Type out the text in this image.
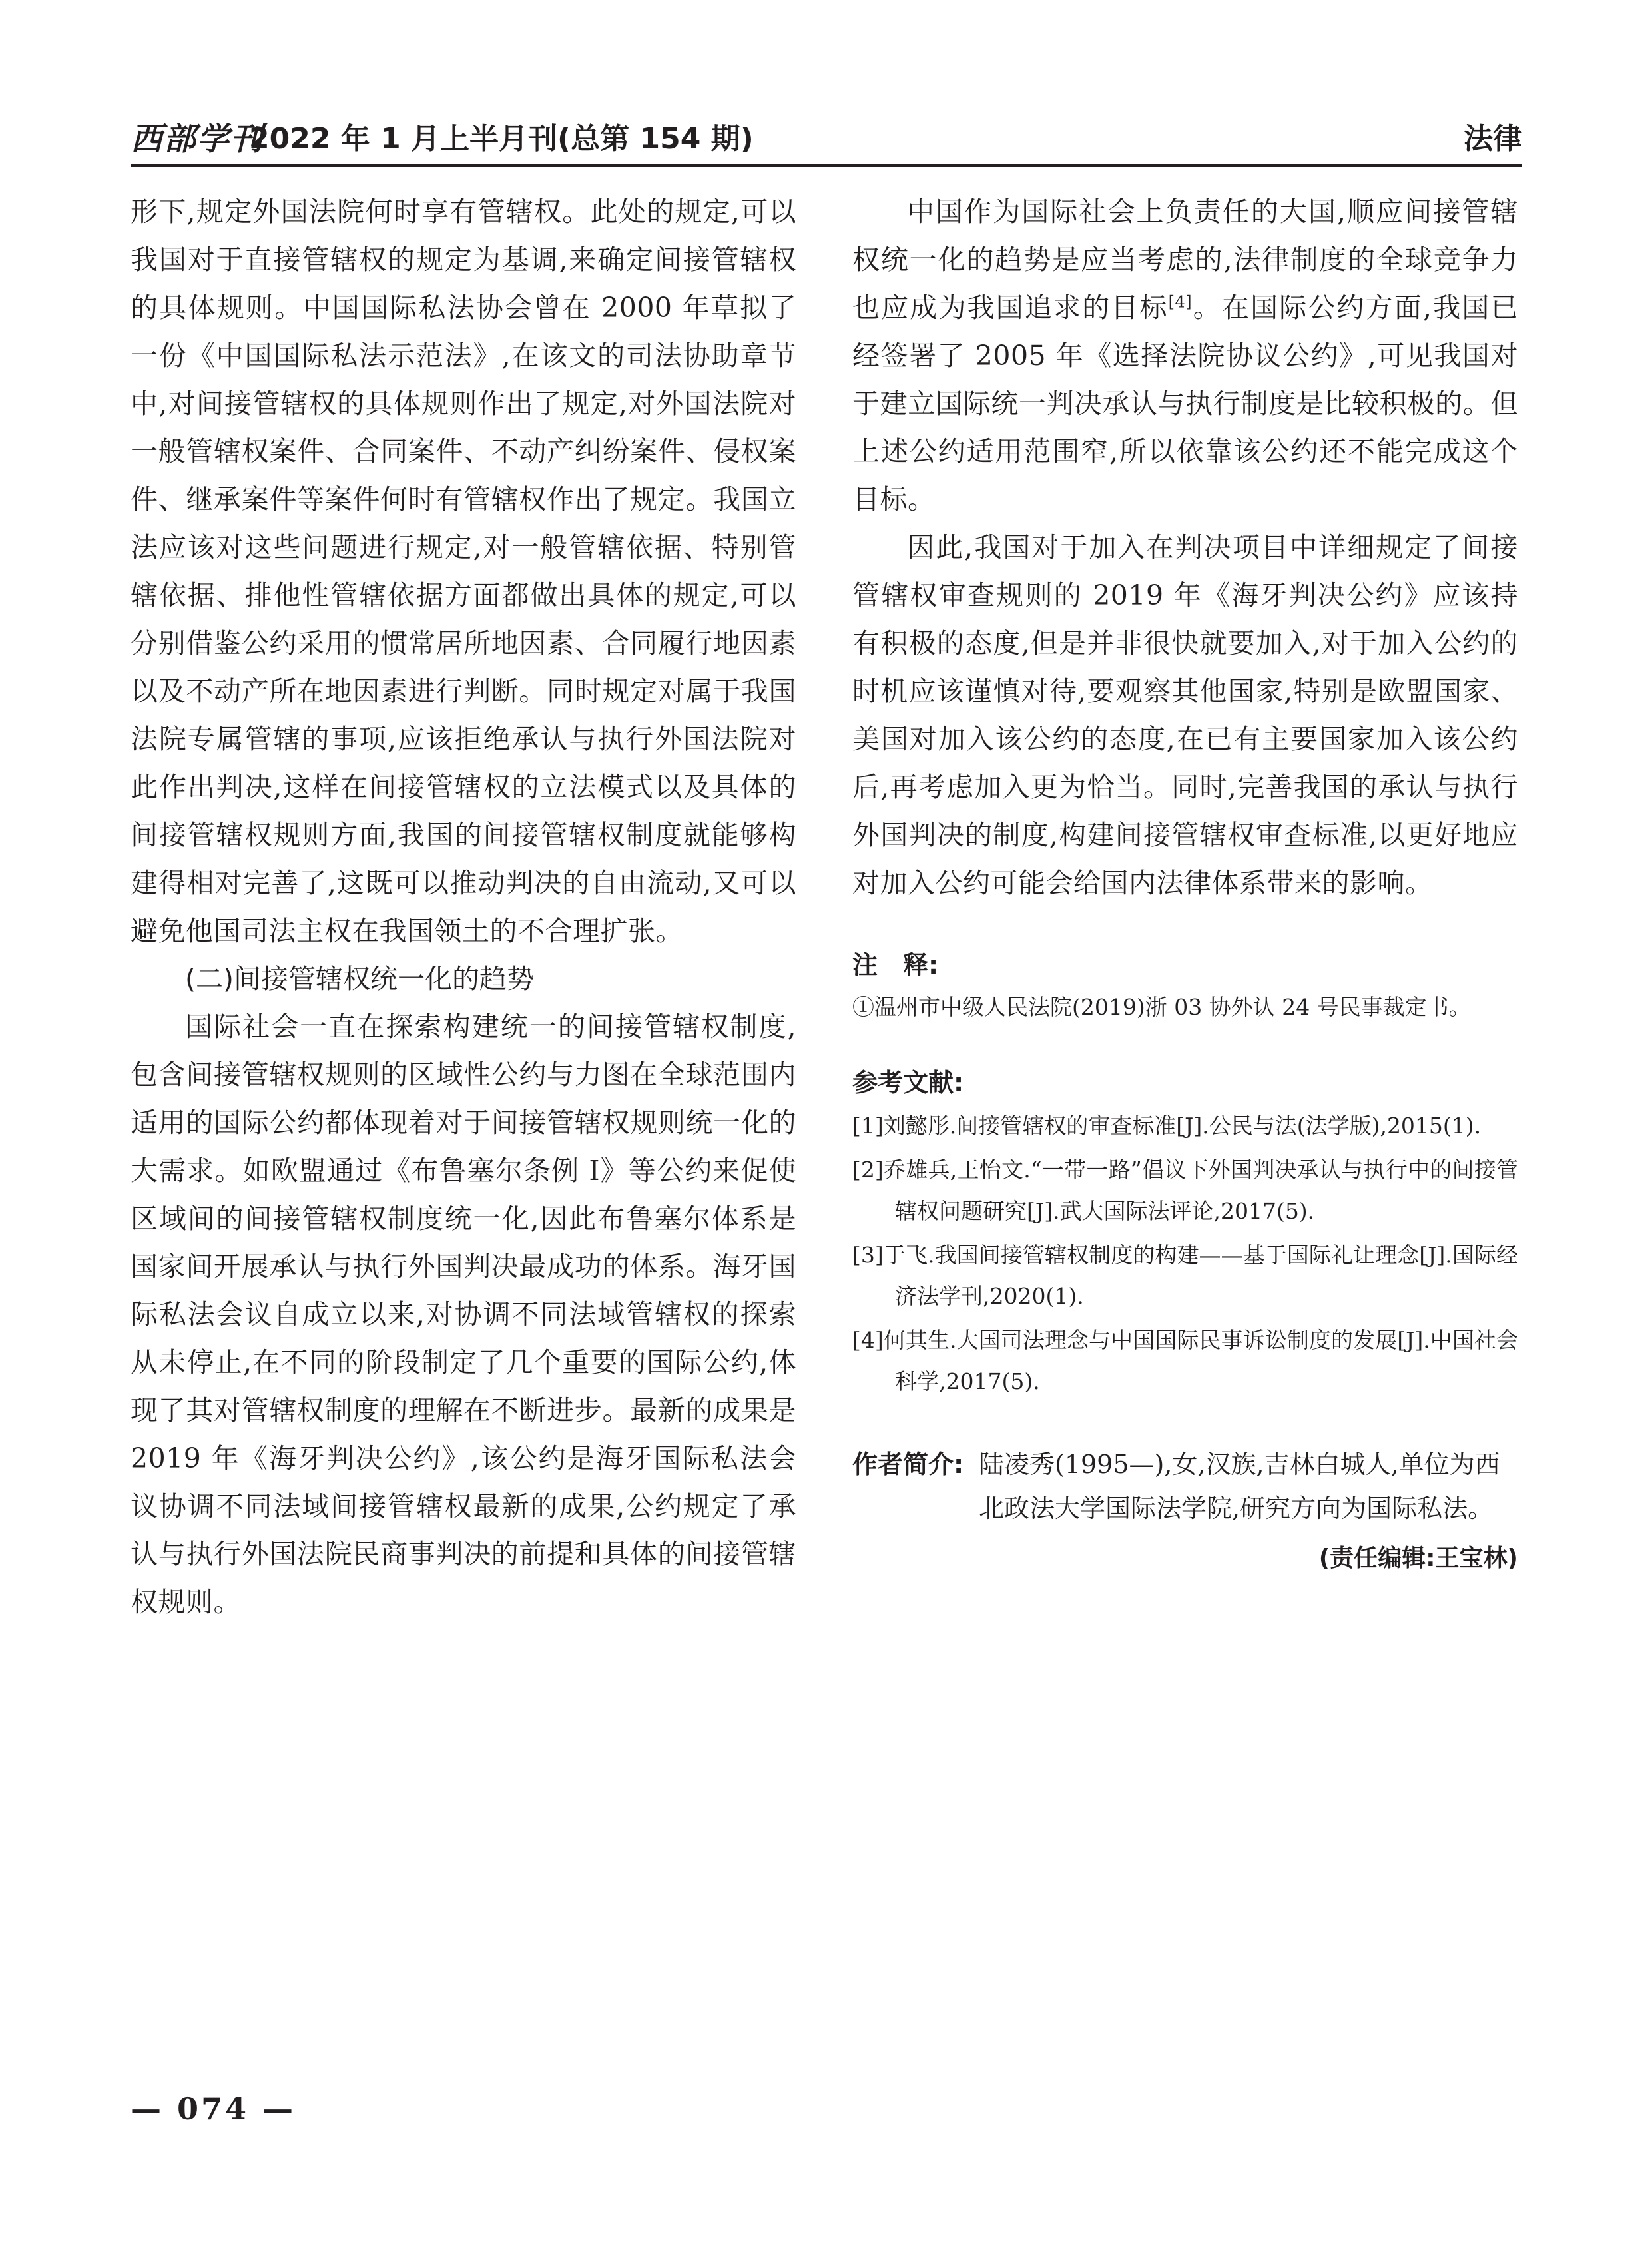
西部学刊
2022 年 1 月上半月刊(总第 154 期)	法律

形下,规定外国法院何时享有管辖权。此处的规定,可以我国对于直接管辖权的规定为基调,来确定间接管辖权的具体规则。中国国际私法协会曾在 2000 年草拟了一份《中国国际私法示范法》,在该文的司法协助章节中,对间接管辖权的具体规则作出了规定,对外国法院对一般管辖权案件、合同案件、不动产纠纷案件、侵权案件、继承案件等案件何时有管辖权作出了规定。我国立法应该对这些问题进行规定,对一般管辖依据、特别管辖依据、排他性管辖依据方面都做出具体的规定,可以分别借鉴公约采用的惯常居所地因素、合同履行地因素以及不动产所在地因素进行判断。同时规定对属于我国法院专属管辖的事项,应该拒绝承认与执行外国法院对此作出判决,这样在间接管辖权的立法模式以及具体的间接管辖权规则方面,我国的间接管辖权制度就能够构建得相对完善了,这既可以推动判决的自由流动,又可以避免他国司法主权在我国领土的不合理扩张。

(二)间接管辖权统一化的趋势

国际社会一直在探索构建统一的间接管辖权制度,包含间接管辖权规则的区域性公约与力图在全球范围内适用的国际公约都体现着对于间接管辖权规则统一化的大需求。如欧盟通过《布鲁塞尔条例 I》等公约来促使区域间的间接管辖权制度统一化,因此布鲁塞尔体系是国家间开展承认与执行外国判决最成功的体系。海牙国际私法会议自成立以来,对协调不同法域管辖权的探索从未停止,在不同的阶段制定了几个重要的国际公约,体现了其对管辖权制度的理解在不断进步。最新的成果是 2019 年《海牙判决公约》,该公约是海牙国际私法会议协调不同法域间接管辖权最新的成果,公约规定了承认与执行外国法院民商事判决的前提和具体的间接管辖权规则。

中国作为国际社会上负责任的大国,顺应间接管辖权统一化的趋势是应当考虑的,法律制度的全球竞争力也应成为我国追求的目标[4]。在国际公约方面,我国已经签署了 2005 年《选择法院协议公约》,可见我国对于建立国际统一判决承认与执行制度是比较积极的。但上述公约适用范围窄,所以依靠该公约还不能完成这个目标。

因此,我国对于加入在判决项目中详细规定了间接管辖权审查规则的 2019 年《海牙判决公约》应该持有积极的态度,但是并非很快就要加入,对于加入公约的时机应该谨慎对待,要观察其他国家,特别是欧盟国家、美国对加入该公约的态度,在已有主要国家加入该公约后,再考虑加入更为恰当。同时,完善我国的承认与执行外国判决的制度,构建间接管辖权审查标准,以更好地应对加入公约可能会给国内法律体系带来的影响。

注　释:

①温州市中级人民法院(2019)浙 03 协外认 24 号民事裁定书。

参考文献:

[1]刘懿彤.间接管辖权的审查标准[J].公民与法(法学版),2015(1).

[2]乔雄兵,王怡文.“一带一路”倡议下外国判决承认与执行中的间接管辖权问题研究[J].武大国际法评论,2017(5).

[3]于飞.我国间接管辖权制度的构建——基于国际礼让理念[J].国际经济法学刊,2020(1).

[4]何其生.大国司法理念与中国国际民事诉讼制度的发展[J].中国社会科学,2017(5).

作者简介: 陆凌秀(1995—),女,汉族,吉林白城人,单位为西北政法大学国际法学院,研究方向为国际私法。
(责任编辑:王宝林)
— 074 —
